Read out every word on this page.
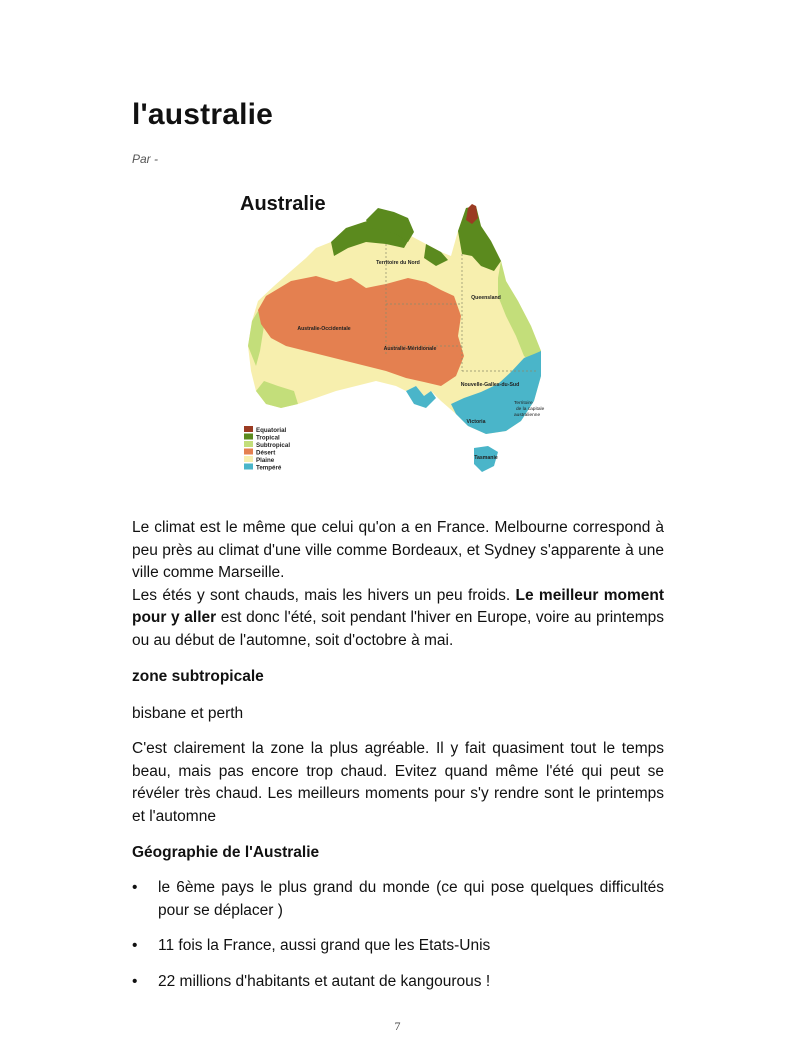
l'australie
Par -
Australie
Territoire du Nord
Queensland
Australie-Occidentale
Australie-Méridionale
Nouvelle-Galles-du-Sud
Territoire
de la capitale
australienne
Victoria
Tasmanie
Equatorial
Tropical
Subtropical
Désert
Plaine
Tempéré

Le climat est le même que celui qu'on a en France. Melbourne correspond à peu près au climat d'une ville comme Bordeaux, et Sydney s'apparente à une ville comme Marseille.
Les étés y sont chauds, mais les hivers un peu froids. Le meilleur moment pour y aller est donc l'été, soit pendant l'hiver en Europe, voire au printemps ou au début de l'automne, soit d'octobre à mai.

zone subtropicale

bisbane et perth

C'est clairement la zone la plus agréable. Il y fait quasiment tout le temps beau, mais pas encore trop chaud. Evitez quand même l'été qui peut se révéler très chaud. Les meilleurs moments pour s'y rendre sont le printemps et l'automne

Géographie de l'Australie

• le 6ème pays le plus grand du monde (ce qui pose quelques difficultés pour se déplacer )
• 11 fois la France, aussi grand que les Etats-Unis
• 22 millions d'habitants et autant de kangourous !
7
